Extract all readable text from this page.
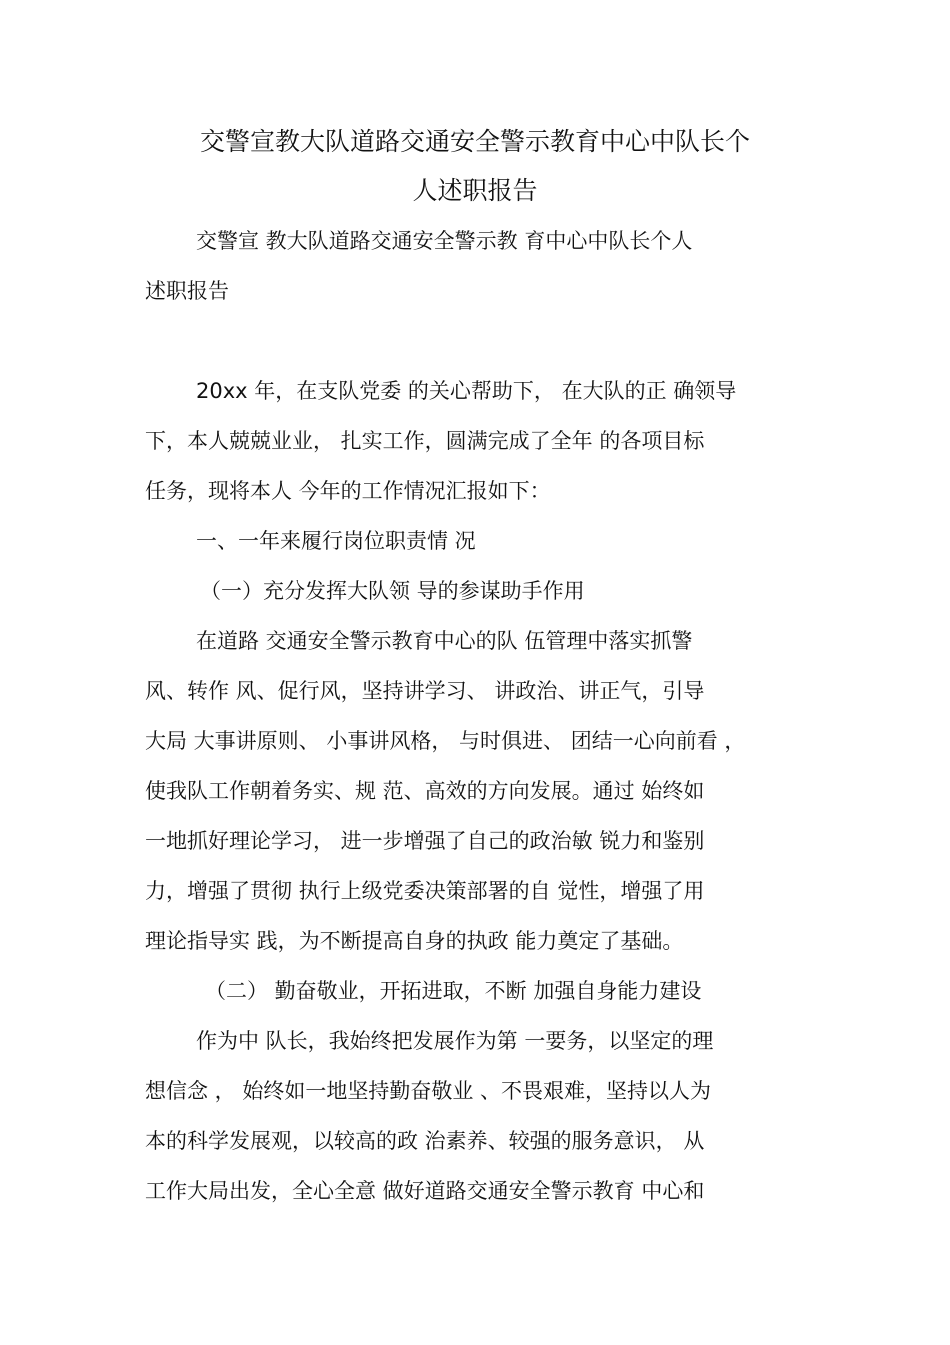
交警宣教大队道路交通安全警示教育中心中队长个
人述职报告
交警宣 教大队道路交通安全警示教 育中心中队长个人
述职报告
20xx 年，在支队党委 的关心帮助下， 在大队的正 确领导
下，本人兢兢业业， 扎实工作，圆满完成了全年 的各项目标
任务，现将本人 今年的工作情况汇报如下：
一、一年来履行岗位职责情 况
（一）充分发挥大队领 导的参谋助手作用
在道路 交通安全警示教育中心的队 伍管理中落实抓警
风、转作 风、促行风，坚持讲学习、 讲政治、讲正气，引导
大局 大事讲原则、 小事讲风格， 与时俱进、 团结一心向前看 ，
使我队工作朝着务实、规 范、高效的方向发展。通过 始终如
一地抓好理论学习， 进一步增强了自己的政治敏 锐力和鉴别
力，增强了贯彻 执行上级党委决策部署的自 觉性，增强了用
理论指导实 践，为不断提高自身的执政 能力奠定了基础。
（二） 勤奋敬业，开拓进取，不断 加强自身能力建设
作为中 队长，我始终把发展作为第 一要务，以坚定的理
想信念 ， 始终如一地坚持勤奋敬业 、不畏艰难，坚持以人为
本的科学发展观，以较高的政 治素养、较强的服务意识， 从
工作大局出发，全心全意 做好道路交通安全警示教育 中心和
